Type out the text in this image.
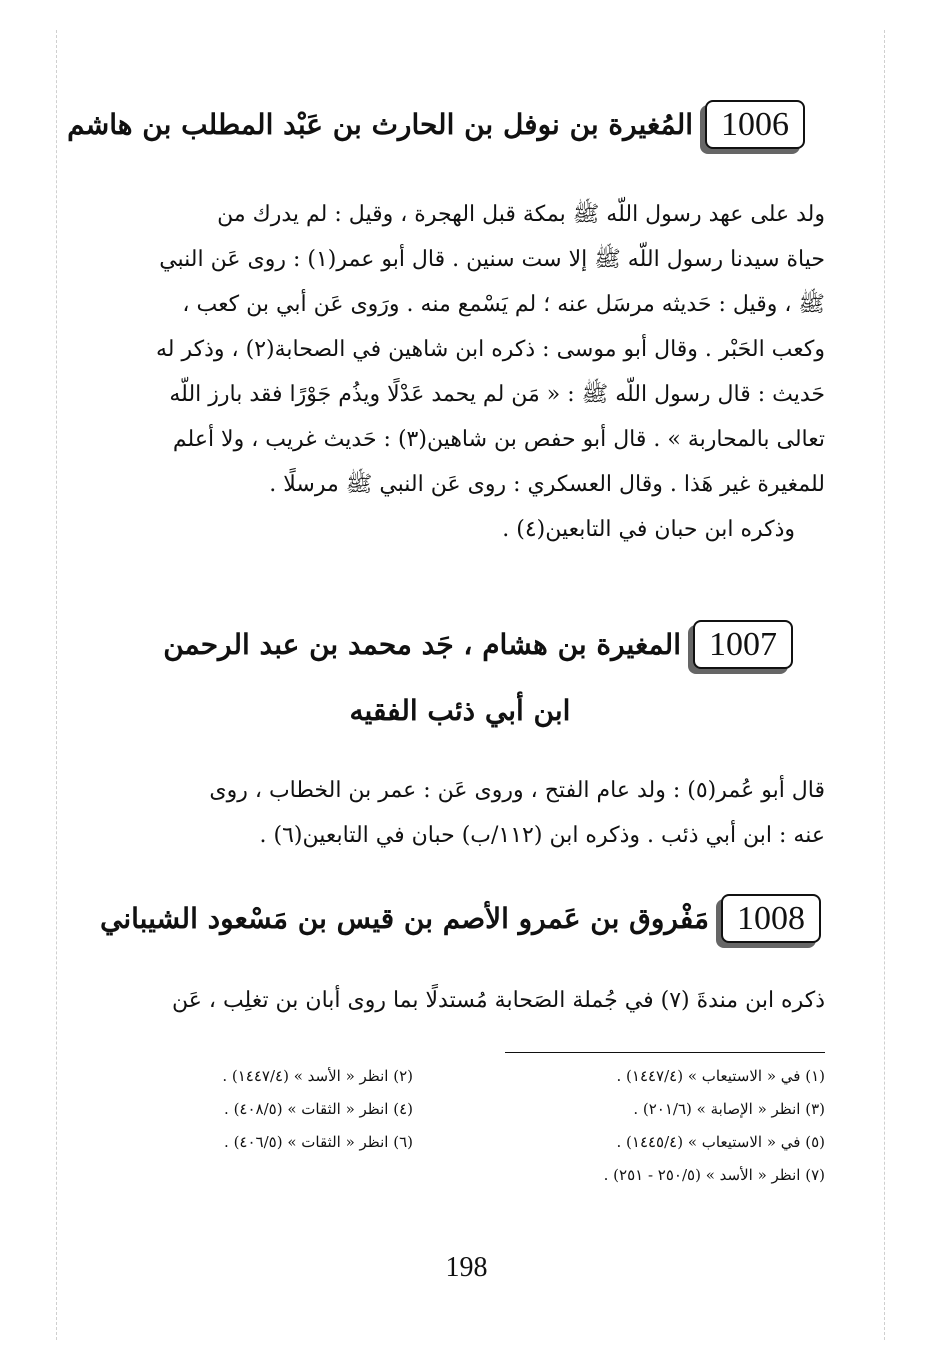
1006
المُغيرة بن نوفل بن الحارث بن عَبْد المطلب بن هاشم
ولد على عهد رسول اللّه ﷺ بمكة قبل الهجرة ، وقيل : لم يدرك من
حياة سيدنا رسول اللّه ﷺ إلا ست سنين . قال أبو عمر(١) : روى عَن النبي
ﷺ ، وقيل : حَديثه مرسَل عنه ؛ لم يَسْمع منه . ورَوى عَن أبي بن كعب ،
وكعب الحَبْر . وقال أبو موسى : ذكره ابن شاهين في الصحابة(٢) ، وذكر له
حَديث : قال رسول اللّه ﷺ : « مَن لم يحمد عَدْلًا ويذُم جَوْرًا فقد بارز اللّه
تعالى بالمحاربة » . قال أبو حفص بن شاهين(٣) : حَديث غريب ، ولا أعلم
للمغيرة غير هَذا . وقال العسكري : روى عَن النبي ﷺ مرسلًا .
وذكره ابن حبان في التابعين(٤) .
1007
المغيرة بن هشام ، جَد محمد بن عبد الرحمن
ابن أبي ذئب الفقيه
قال أبو عُمر(٥) : ولد عام الفتح ، وروى عَن : عمر بن الخطاب ، روى
عنه : ابن أبي ذئب . وذكره ابن (١١٢/ب) حبان في التابعين(٦) .
1008
مَفْروق بن عَمرو الأصم بن قيس بن مَسْعود الشيباني
ذكره ابن مندةَ (٧) في جُملة الصَحابة مُستدلًا بما روى أبان بن تغلِب ، عَن
(١) في « الاستيعاب » (١٤٤٧/٤) .
(٣) انظر « الإصابة » (٢٠١/٦) .
(٥) في « الاستيعاب » (١٤٤٥/٤) .
(٧) انظر « الأسد » (٢٥٠/٥ - ٢٥١) .
(٢) انظر « الأسد » (١٤٤٧/٤) .
(٤) انظر « الثقات » (٤٠٨/٥) .
(٦) انظر « الثقات » (٤٠٦/٥) .
198
